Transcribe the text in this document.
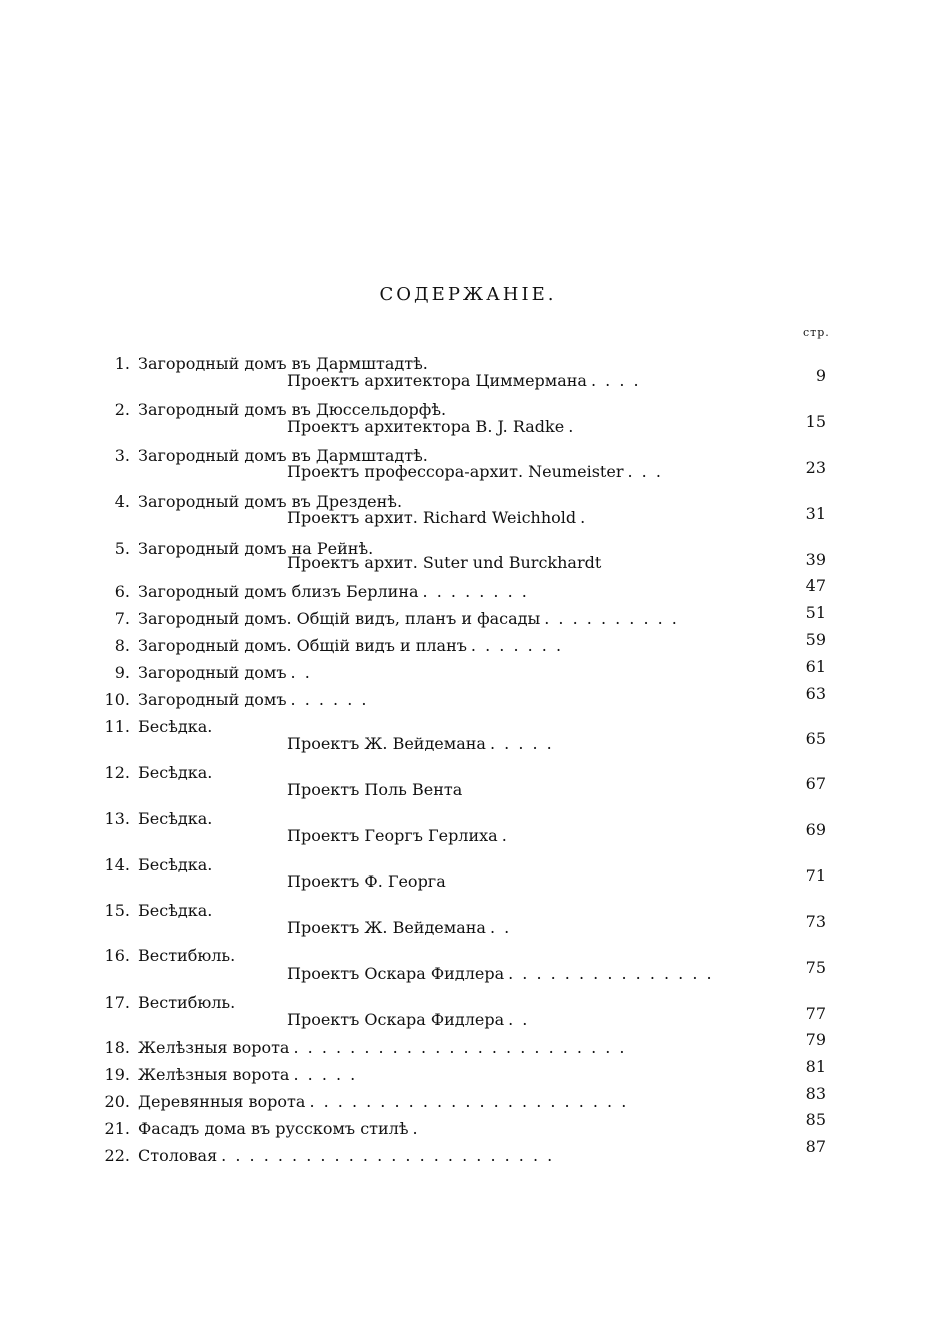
СОДЕРЖАНІЕ.
стр.
1. Загородный домъ въ Дармштадтѣ.
Проектъ архитектора Циммермана . . . .	9
2. Загородный домъ въ Дюссельдорфѣ.
Проектъ архитектора B. J. Radke .	15
3. Загородный домъ въ Дармштадтѣ.
Проектъ профессора-архит. Neumeister . . .	23
4. Загородный домъ въ Дрезденѣ.
Проектъ архит. Richard Weichhold .	31
5. Загородный домъ на Рейнѣ.
Проектъ архит. Suter und Burckhardt	39
6. Загородный домъ близъ Берлина . . . . . . . .	47
7. Загородный домъ. Общій видъ, планъ и фасады . . . . . . . . . .	51
8. Загородный домъ. Общій видъ и планъ . . . . . . .	59
9. Загородный домъ . .	61
10. Загородный домъ . . . . . .	63
11. Бесѣдка.
Проектъ Ж. Вейдемана . . . . .	65
12. Бесѣдка.
Проектъ Поль Вента	67
13. Бесѣдка.
Проектъ Георгъ Герлиха .	69
14. Бесѣдка.
Проектъ Ф. Георга	71
15. Бесѣдка.
Проектъ Ж. Вейдемана . .	73
16. Вестибюль.
Проектъ Оскара Фидлера . . . . . . . . . . . . . . .	75
17. Вестибюль.
Проектъ Оскара Фидлера . .	77
18. Желѣзныя ворота . . . . . . . . . . . . . . . . . . . . . . . .	79
19. Желѣзныя ворота . . . . .	81
20. Деревянныя ворота . . . . . . . . . . . . . . . . . . . . . . .	83
21. Фасадъ дома въ русскомъ стилѣ .	85
22. Столовая . . . . . . . . . . . . . . . . . . . . . . . .	87
